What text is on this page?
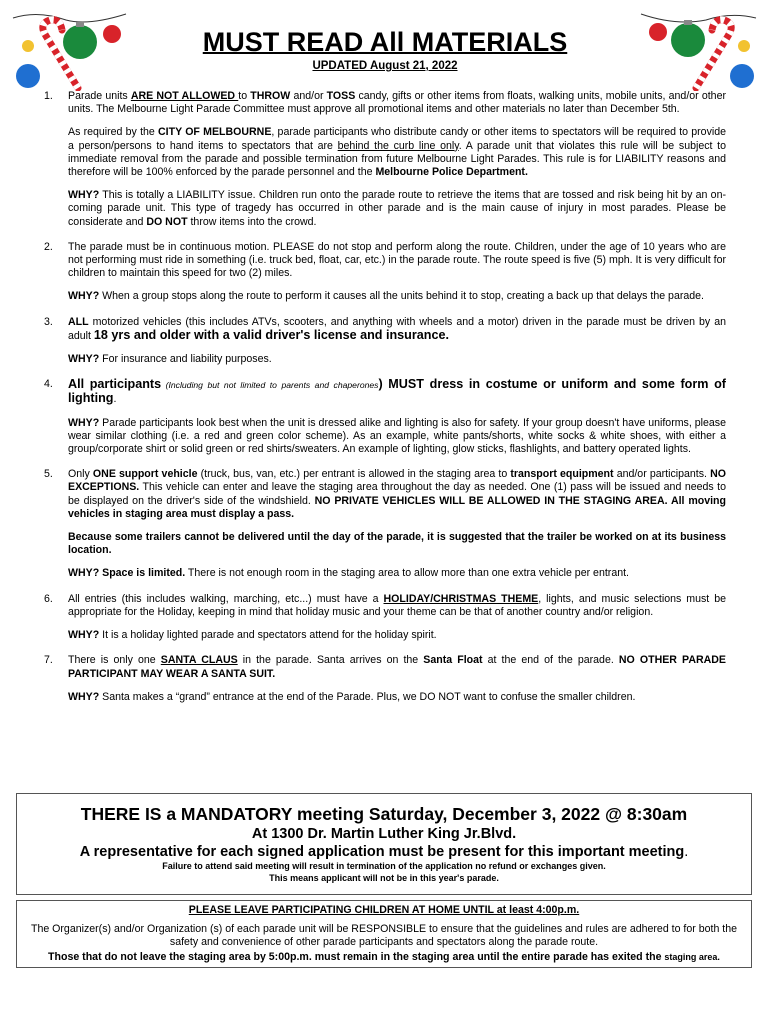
MUST READ All MATERIALS
UPDATED August 21, 2022
1. Parade units ARE NOT ALLOWED to THROW and/or TOSS candy, gifts or other items from floats, walking units, mobile units, and/or other units. The Melbourne Light Parade Committee must approve all promotional items and other materials no later than December 5th.
As required by the CITY OF MELBOURNE, parade participants who distribute candy or other items to spectators will be required to provide a person/persons to hand items to spectators that are behind the curb line only. A parade unit that violates this rule will be subject to immediate removal from the parade and possible termination from future Melbourne Light Parades. This rule is for LIABILITY reasons and therefore will be 100% enforced by the parade personnel and the Melbourne Police Department.
WHY? This is totally a LIABILITY issue. Children run onto the parade route to retrieve the items that are tossed and risk being hit by an on-coming parade unit. This type of tragedy has occurred in other parade and is the main cause of injury in most parades. Please be considerate and DO NOT throw items into the crowd.
2. The parade must be in continuous motion. PLEASE do not stop and perform along the route. Children, under the age of 10 years who are not performing must ride in something (i.e. truck bed, float, car, etc.) in the parade route. The route speed is five (5) mph. It is very difficult for children to maintain this speed for two (2) miles.
WHY? When a group stops along the route to perform it causes all the units behind it to stop, creating a back up that delays the parade.
3. ALL motorized vehicles (this includes ATVs, scooters, and anything with wheels and a motor) driven in the parade must be driven by an adult 18 yrs and older with a valid driver's license and insurance.
WHY? For insurance and liability purposes.
4. All participants (Including but not limited to parents and chaperones) MUST dress in costume or uniform and some form of lighting.
WHY? Parade participants look best when the unit is dressed alike and lighting is also for safety. If your group doesn't have uniforms, please wear similar clothing (i.e. a red and green color scheme). As an example, white pants/shorts, white socks & white shoes, with either a group/corporate shirt or solid green or red shirts/sweaters. An example of lighting, glow sticks, flashlights, and battery operated lights.
5. Only ONE support vehicle (truck, bus, van, etc.) per entrant is allowed in the staging area to transport equipment and/or participants. NO EXCEPTIONS. This vehicle can enter and leave the staging area throughout the day as needed. One (1) pass will be issued and needs to be displayed on the driver's side of the windshield. NO PRIVATE VEHICLES WILL BE ALLOWED IN THE STAGING AREA. All moving vehicles in staging area must display a pass.
Because some trailers cannot be delivered until the day of the parade, it is suggested that the trailer be worked on at its business location.
WHY? Space is limited. There is not enough room in the staging area to allow more than one extra vehicle per entrant.
6. All entries (this includes walking, marching, etc...) must have a HOLIDAY/CHRISTMAS THEME, lights, and music selections must be appropriate for the Holiday, keeping in mind that holiday music and your theme can be that of another country and/or religion.
WHY? It is a holiday lighted parade and spectators attend for the holiday spirit.
7. There is only one SANTA CLAUS in the parade. Santa arrives on the Santa Float at the end of the parade. NO OTHER PARADE PARTICIPANT MAY WEAR A SANTA SUIT.
WHY? Santa makes a “grand” entrance at the end of the Parade. Plus, we DO NOT want to confuse the smaller children.
THERE IS a MANDATORY meeting Saturday, December 3, 2022 @ 8:30am
At 1300 Dr. Martin Luther King Jr.Blvd.
A representative for each signed application must be present for this important meeting.
Failure to attend said meeting will result in termination of the application no refund or exchanges given.
This means applicant will not be in this year's parade.
PLEASE LEAVE PARTICIPATING CHILDREN AT HOME UNTIL at least 4:00p.m.
The Organizer(s) and/or Organization (s) of each parade unit will be RESPONSIBLE to ensure that the guidelines and rules are adhered to for both the safety and convenience of other parade participants and spectators along the parade route.
Those that do not leave the staging area by 5:00p.m. must remain in the staging area until the entire parade has exited the staging area.
